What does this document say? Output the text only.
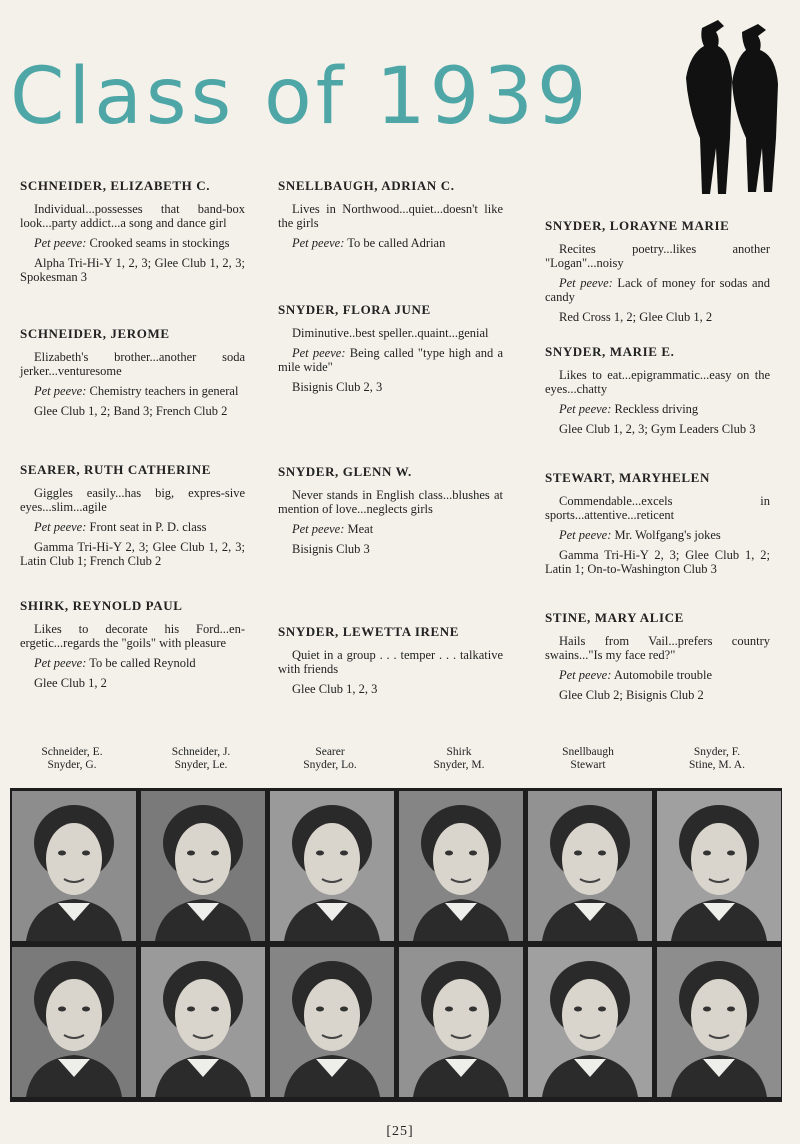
Class of 1939
SCHNEIDER, ELIZABETH C.

Individual...possesses that band-box look...party addict...a song and dance girl

Pet peeve: Crooked seams in stockings

Alpha Tri-Hi-Y 1, 2, 3; Glee Club 1, 2, 3; Spokesman 3

SCHNEIDER, JEROME

Elizabeth's brother...another soda jerker...venturesome

Pet peeve: Chemistry teachers in general

Glee Club 1, 2; Band 3; French Club 2

SEARER, RUTH CATHERINE

Giggles easily...has big, expres-sive eyes...slim...agile

Pet peeve: Front seat in P. D. class

Gamma Tri-Hi-Y 2, 3; Glee Club 1, 2, 3; Latin Club 1; French Club 2

SHIRK, REYNOLD PAUL

Likes to decorate his Ford...en-ergetic...regards the "goils" with pleasure

Pet peeve: To be called Reynold

Glee Club 1, 2

SNELLBAUGH, ADRIAN C.

Lives in Northwood...quiet...doesn't like the girls

Pet peeve: To be called Adrian

SNYDER, FLORA JUNE

Diminutive..best speller..quaint...genial

Pet peeve: Being called "type high and a mile wide"

Bisignis Club 2, 3

SNYDER, GLENN W.

Never stands in English class...blushes at mention of love...neglects girls

Pet peeve: Meat

Bisignis Club 3

SNYDER, LEWETTA IRENE

Quiet in a group . . . temper . . . talkative with friends

Glee Club 1, 2, 3

SNYDER, LORAYNE MARIE

Recites poetry...likes another "Logan"...noisy

Pet peeve: Lack of money for sodas and candy

Red Cross 1, 2; Glee Club 1, 2

SNYDER, MARIE E.

Likes to eat...epigrammatic...easy on the eyes...chatty

Pet peeve: Reckless driving

Glee Club 1, 2, 3; Gym Leaders Club 3

STEWART, MARYHELEN

Commendable...excels in sports...attentive...reticent

Pet peeve: Mr. Wolfgang's jokes

Gamma Tri-Hi-Y 2, 3; Glee Club 1, 2; Latin 1; On-to-Washington Club 3

STINE, MARY ALICE

Hails from Vail...prefers country swains..."Is my face red?"

Pet peeve: Automobile trouble

Glee Club 2; Bisignis Club 2

Schneider, E.
Snyder, G.
Schneider, J.
Snyder, Le.
Searer
Snyder, Lo.
Shirk
Snyder, M.
Snellbaugh
Stewart
Snyder, F.
Stine, M. A.
[25]
